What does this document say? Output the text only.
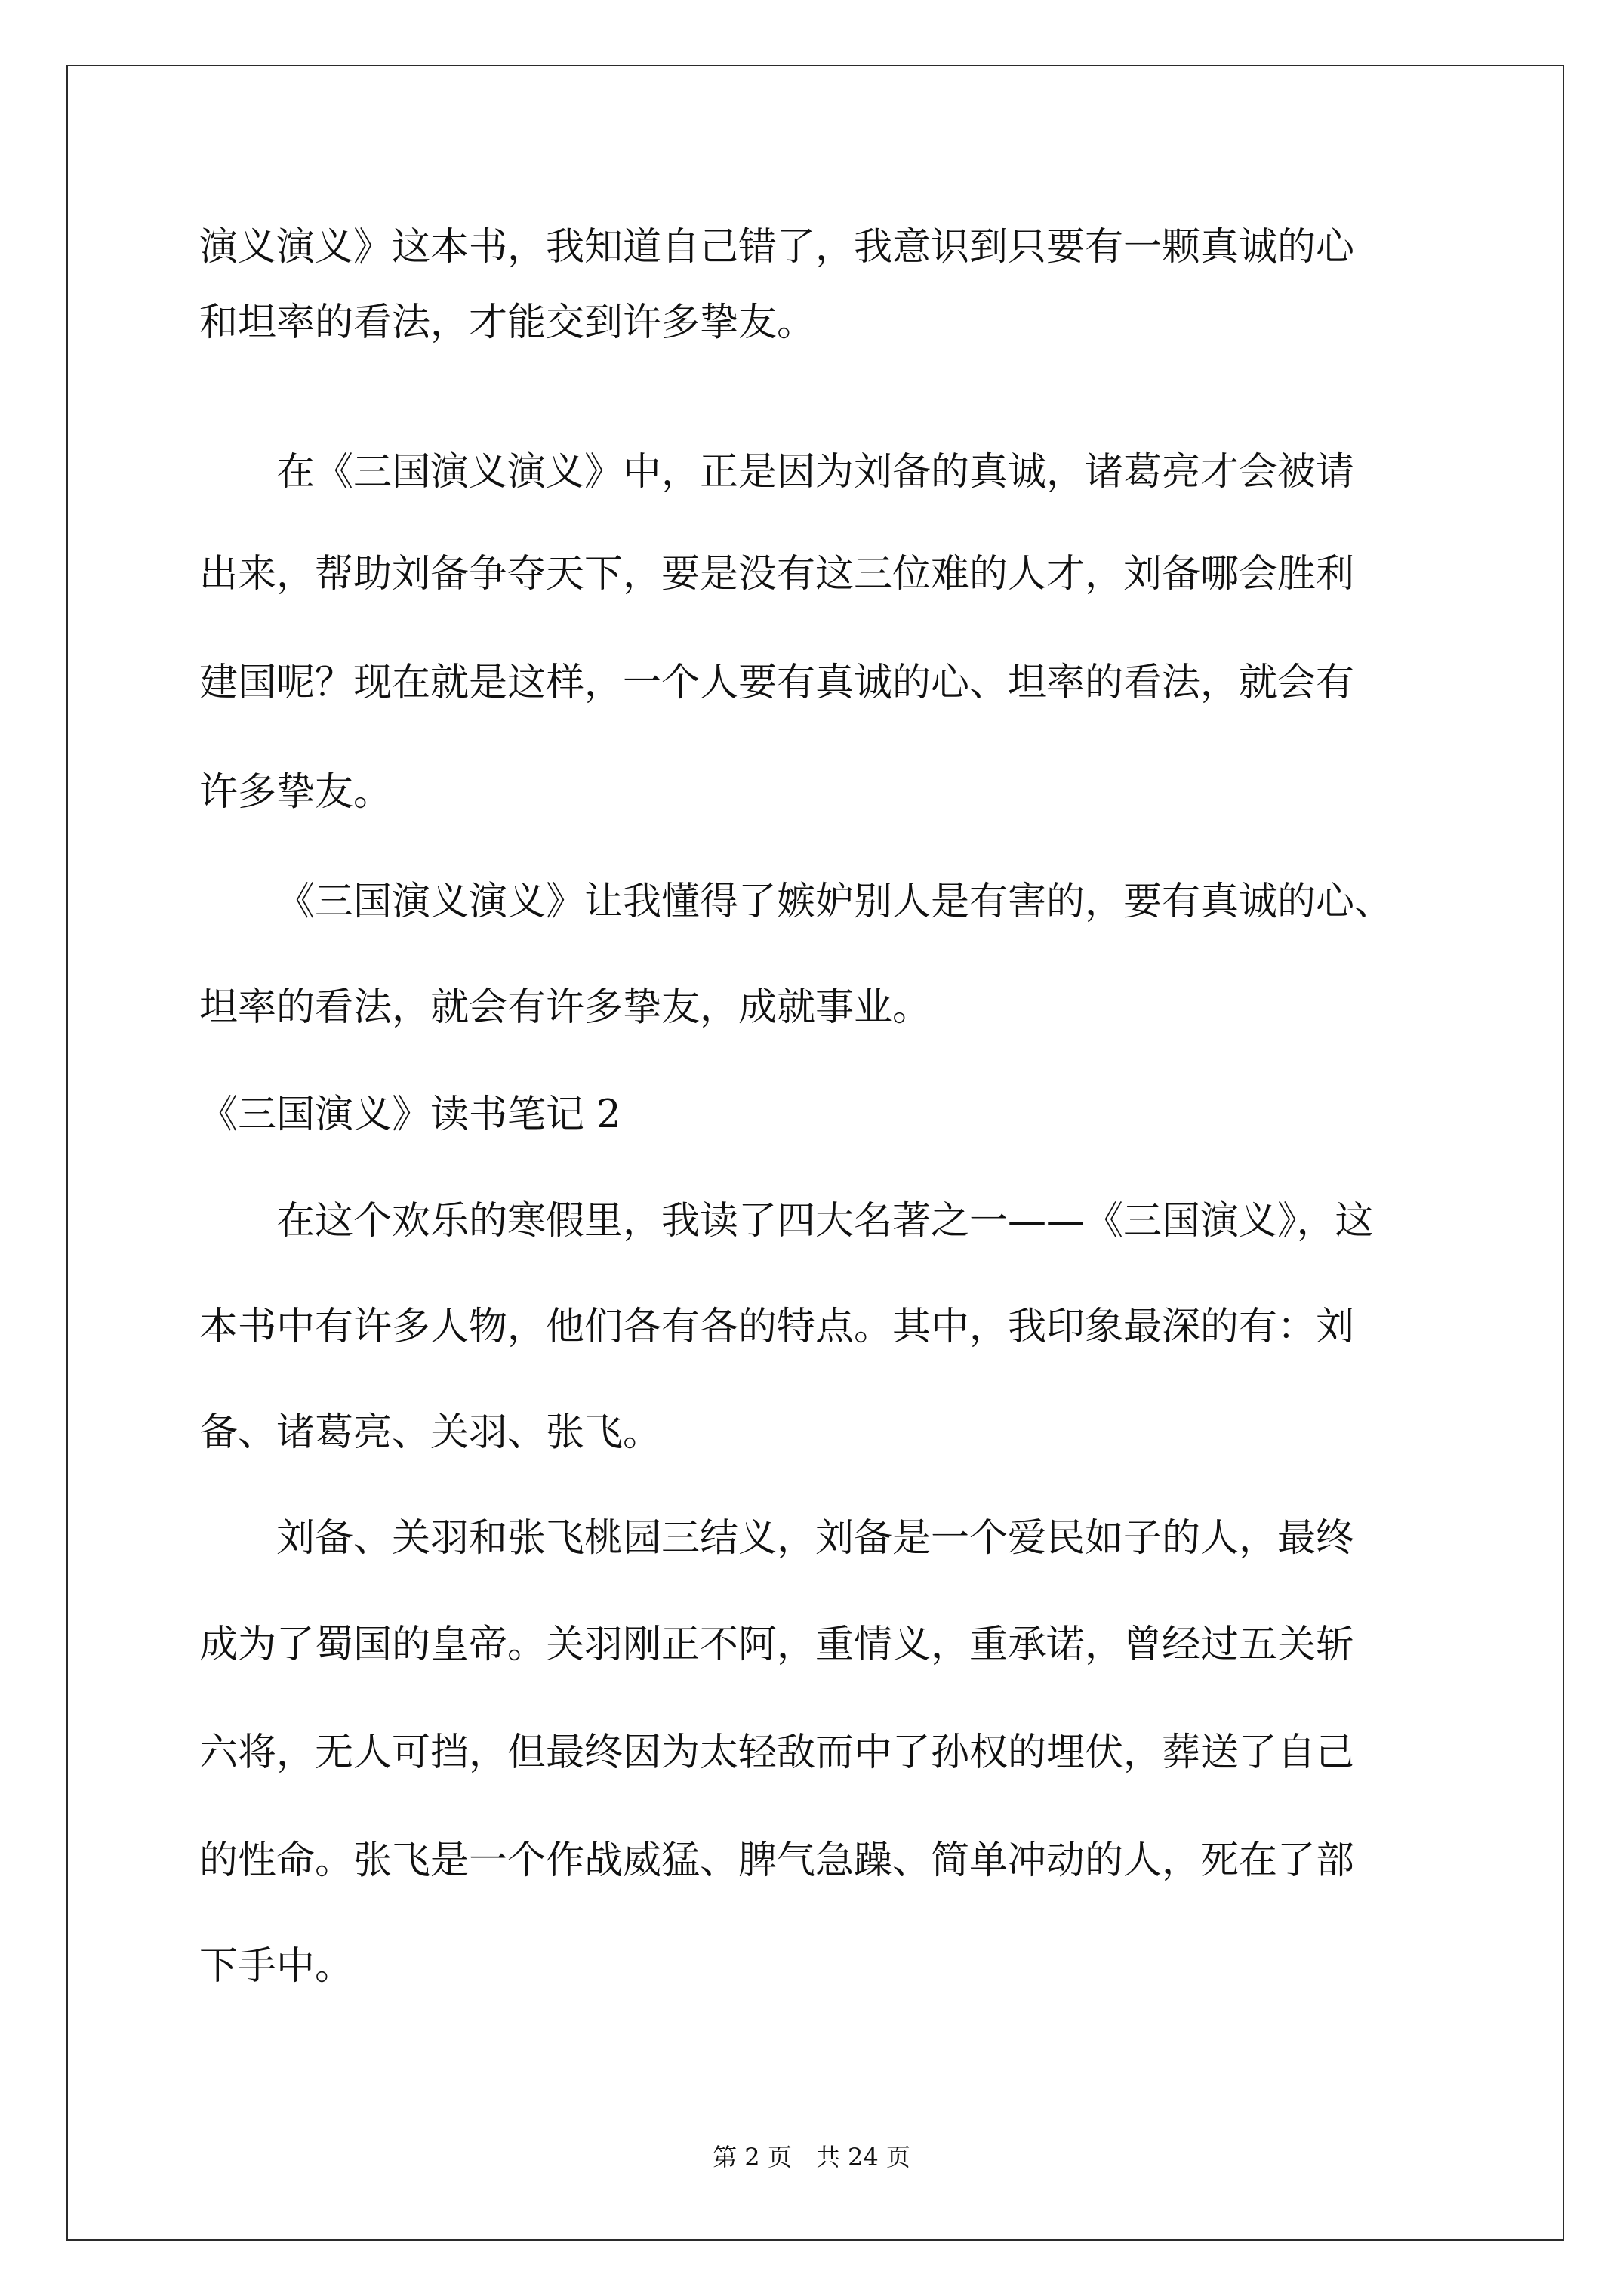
演义演义》这本书，我知道自己错了，我意识到只要有一颗真诚的心
和坦率的看法，才能交到许多挚友。
在《三国演义演义》中，正是因为刘备的真诚，诸葛亮才会被请
出来，帮助刘备争夺天下，要是没有这三位难的人才，刘备哪会胜利
建国呢？现在就是这样，一个人要有真诚的心、坦率的看法，就会有
许多挚友。
《三国演义演义》让我懂得了嫉妒别人是有害的，要有真诚的心、
坦率的看法，就会有许多挚友，成就事业。
《三国演义》读书笔记 2
在这个欢乐的寒假里，我读了四大名著之一——《三国演义》，这
本书中有许多人物，他们各有各的特点。其中，我印象最深的有：刘
备、诸葛亮、关羽、张飞。
刘备、关羽和张飞桃园三结义，刘备是一个爱民如子的人，最终
成为了蜀国的皇帝。关羽刚正不阿，重情义，重承诺，曾经过五关斩
六将，无人可挡，但最终因为太轻敌而中了孙权的埋伏，葬送了自己
的性命。张飞是一个作战威猛、脾气急躁、简单冲动的人，死在了部
下手中。
第 2 页　共 24 页
